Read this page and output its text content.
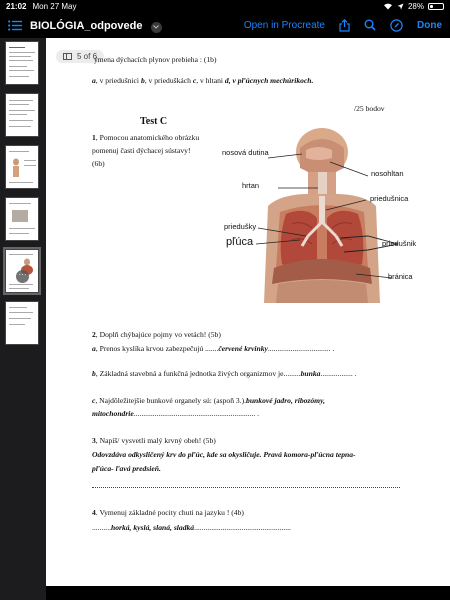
21:02 Mon 27 May	28%
BIOLÓGIA_odpovede	Open in Procreate	Done
···
5 of 6
ýmena dýchacích plynov prebieha : (1b)
a, v priedušnici b, v prieduškách c, v hltani d, v pľúcnych mechúrikoch.
/25 bodov
Test C
1, Pomocou anatomického obrázku
pomenuj časti dýchacej sústavy!
(6b)
nosová dutina
nosohltan
hrtan
priedušnica
priedušky
pľúca	priedušnik
bránica
2, Doplň chýbajúce pojmy vo vetách! (5b)
a, Prenos kyslíka krvou zabezpečujú .......červené krvinky................................. .
b, Základná stavebná a funkčná jednotka živých organizmov je.........bunka................. .
c, Najdôležitejšie bunkové organely sú: (aspoň 3.).bunkové jadro, ribozómy,
mitochondrie................................................................ .
3, Napíš/ vysvetli malý krvný obeh! (5b)
Odovzdáva odkysličený krv do pľúc, kde sa okysličuje. Pravá komora-pľúcna tepna-
pľúca- ľavá predsieň.
4. Vymenuj základné pocity chuti na jazyku ! (4b)
..........horká, kyslá, slaná, sladká...................................................
